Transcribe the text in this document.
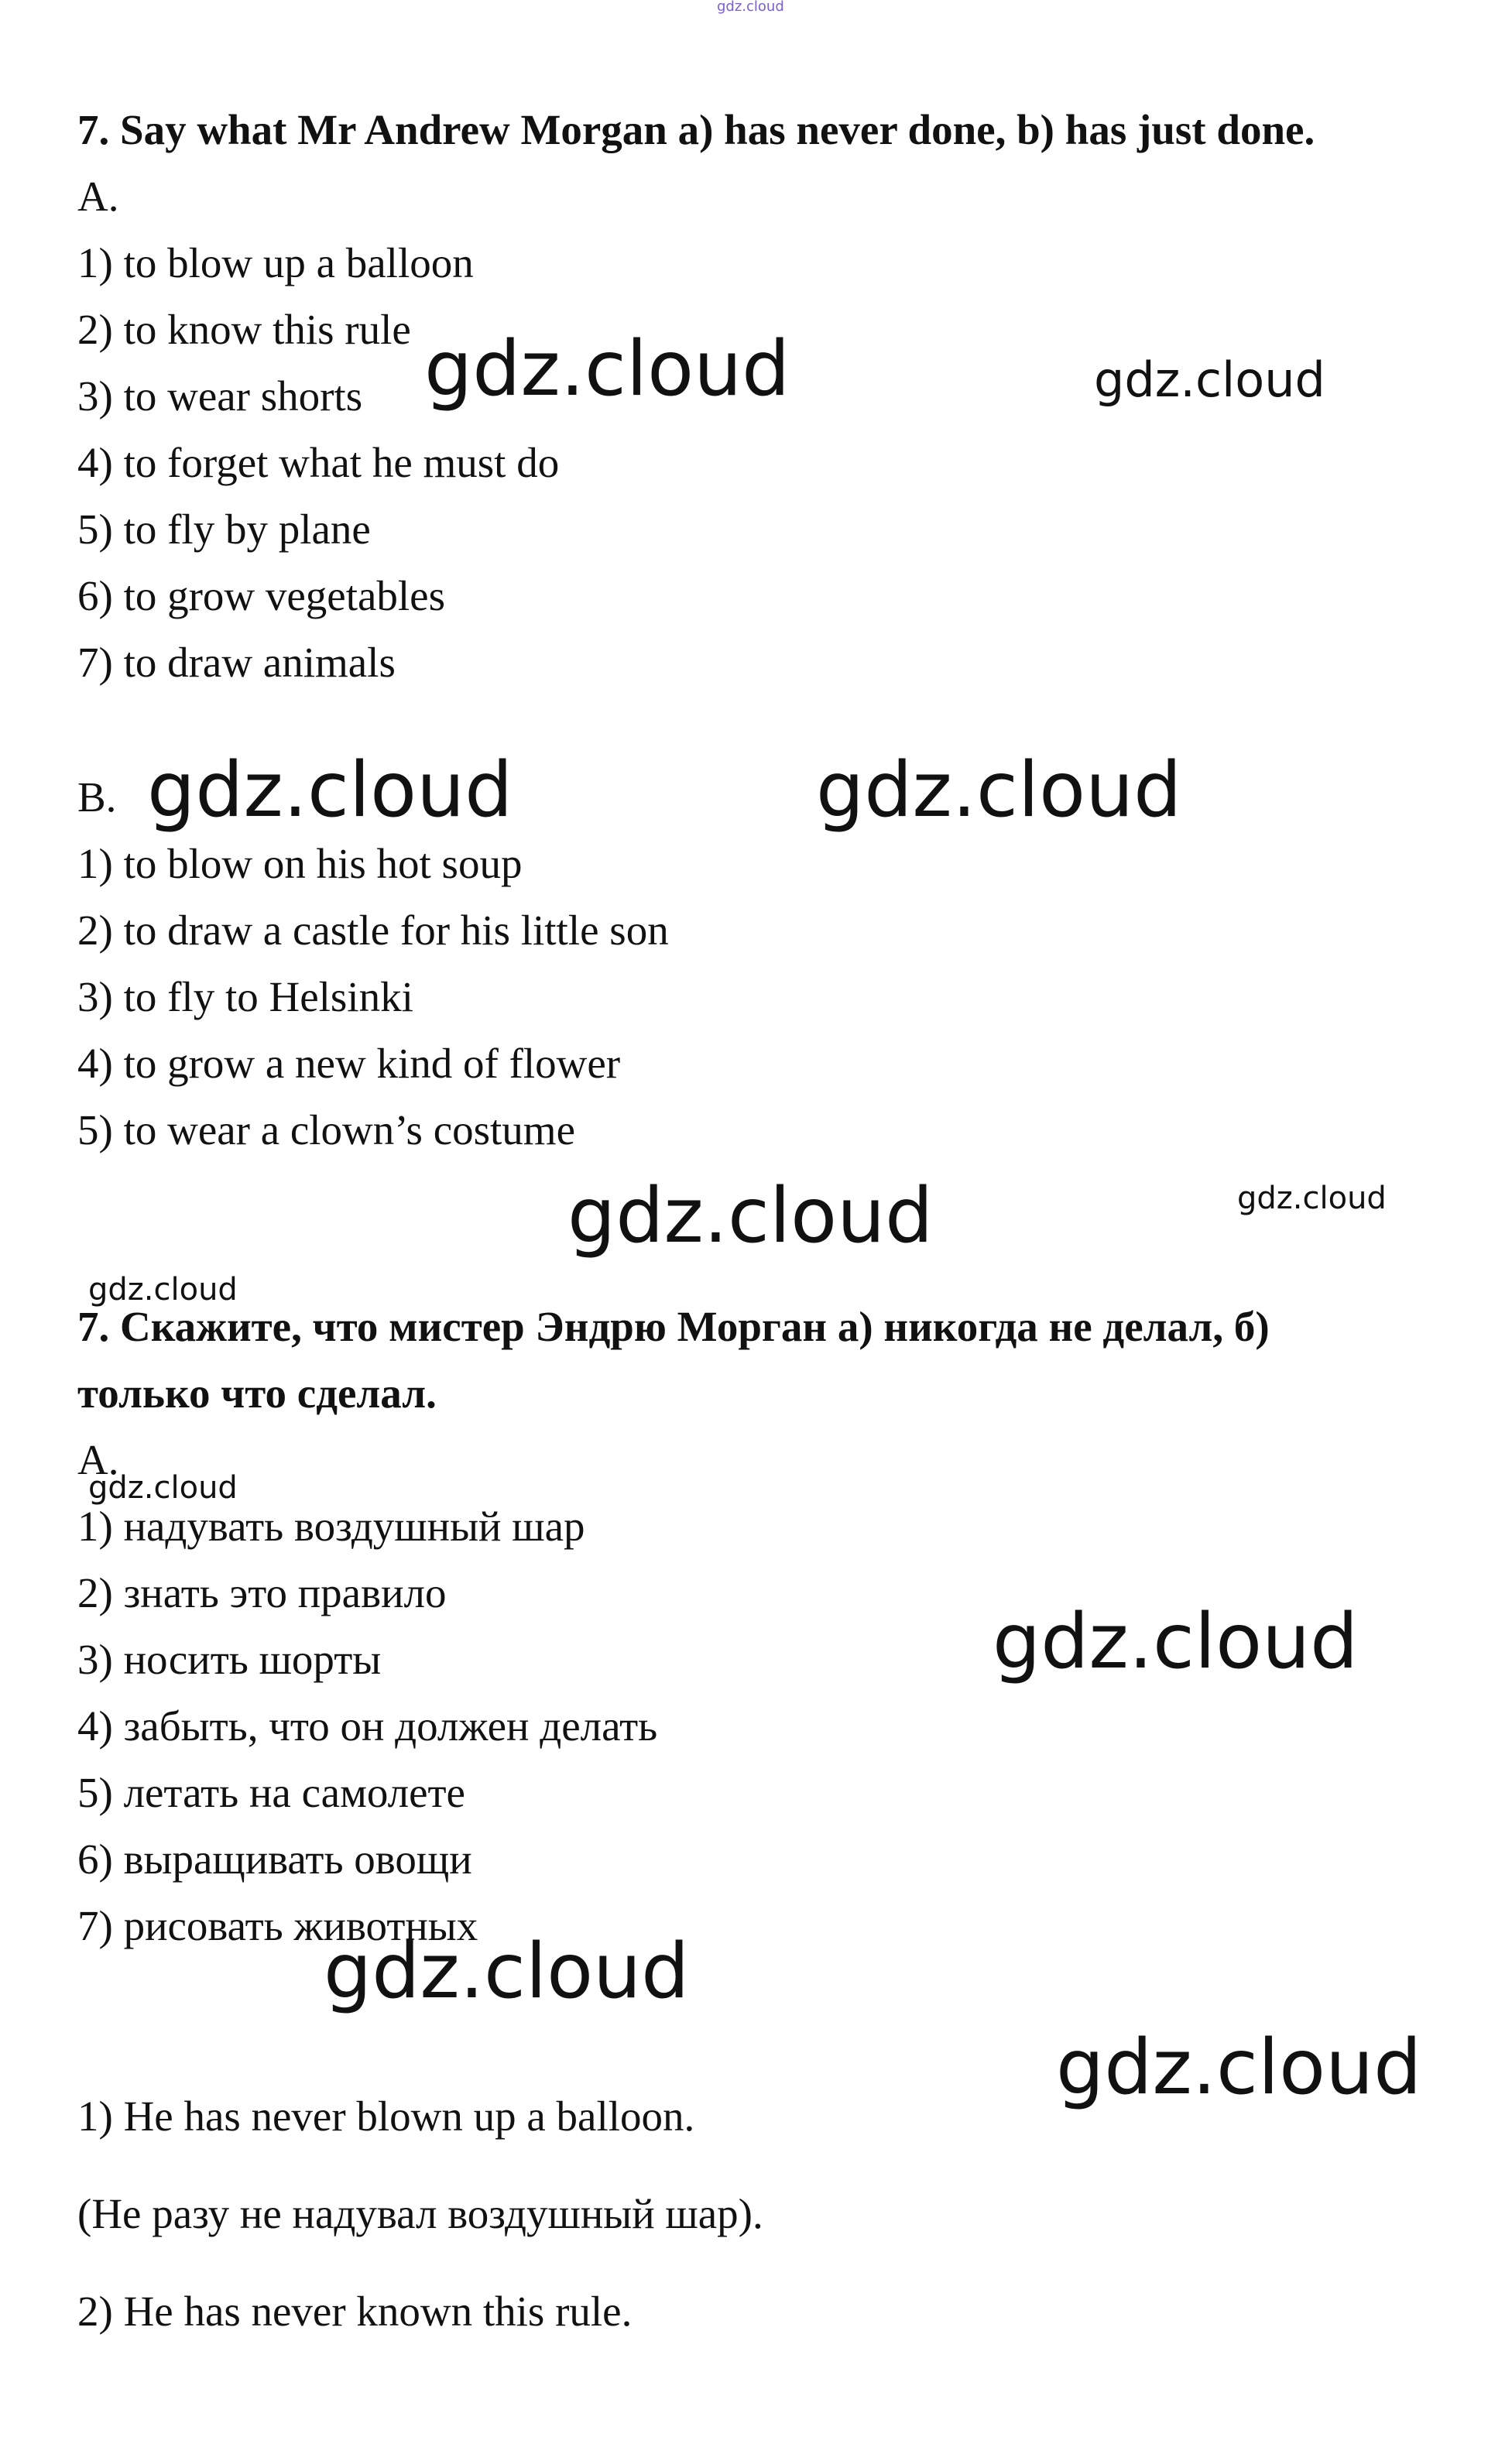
gdz.cloud
7. Say what Mr Andrew Morgan a) has never done, b) has just done.
A.
1) to blow up a balloon
2) to know this rule
3) to wear shorts
4) to forget what he must do
5) to fly by plane
6) to grow vegetables
7) to draw animals
B.
1) to blow on his hot soup
2) to draw a castle for his little son
3) to fly to Helsinki
4) to grow a new kind of flower
5) to wear a clown’s costume
7. Скажите, что мистер Эндрю Морган а) никогда не делал, б)
только что сделал.
А.
1) надувать воздушный шар
2) знать это правило
3) носить шорты
4) забыть, что он должен делать
5) летать на самолете
6) выращивать овощи
7) рисовать животных
1) He has never blown up a balloon.
(Не разу не надувал воздушный шар).
2) He has never known this rule.
gdz.cloud	gdz.cloud
gdz.cloud	gdz.cloud
gdz.cloud	gdz.cloud
gdz.cloud
gdz.cloud
gdz.cloud
gdz.cloud
gdz.cloud
